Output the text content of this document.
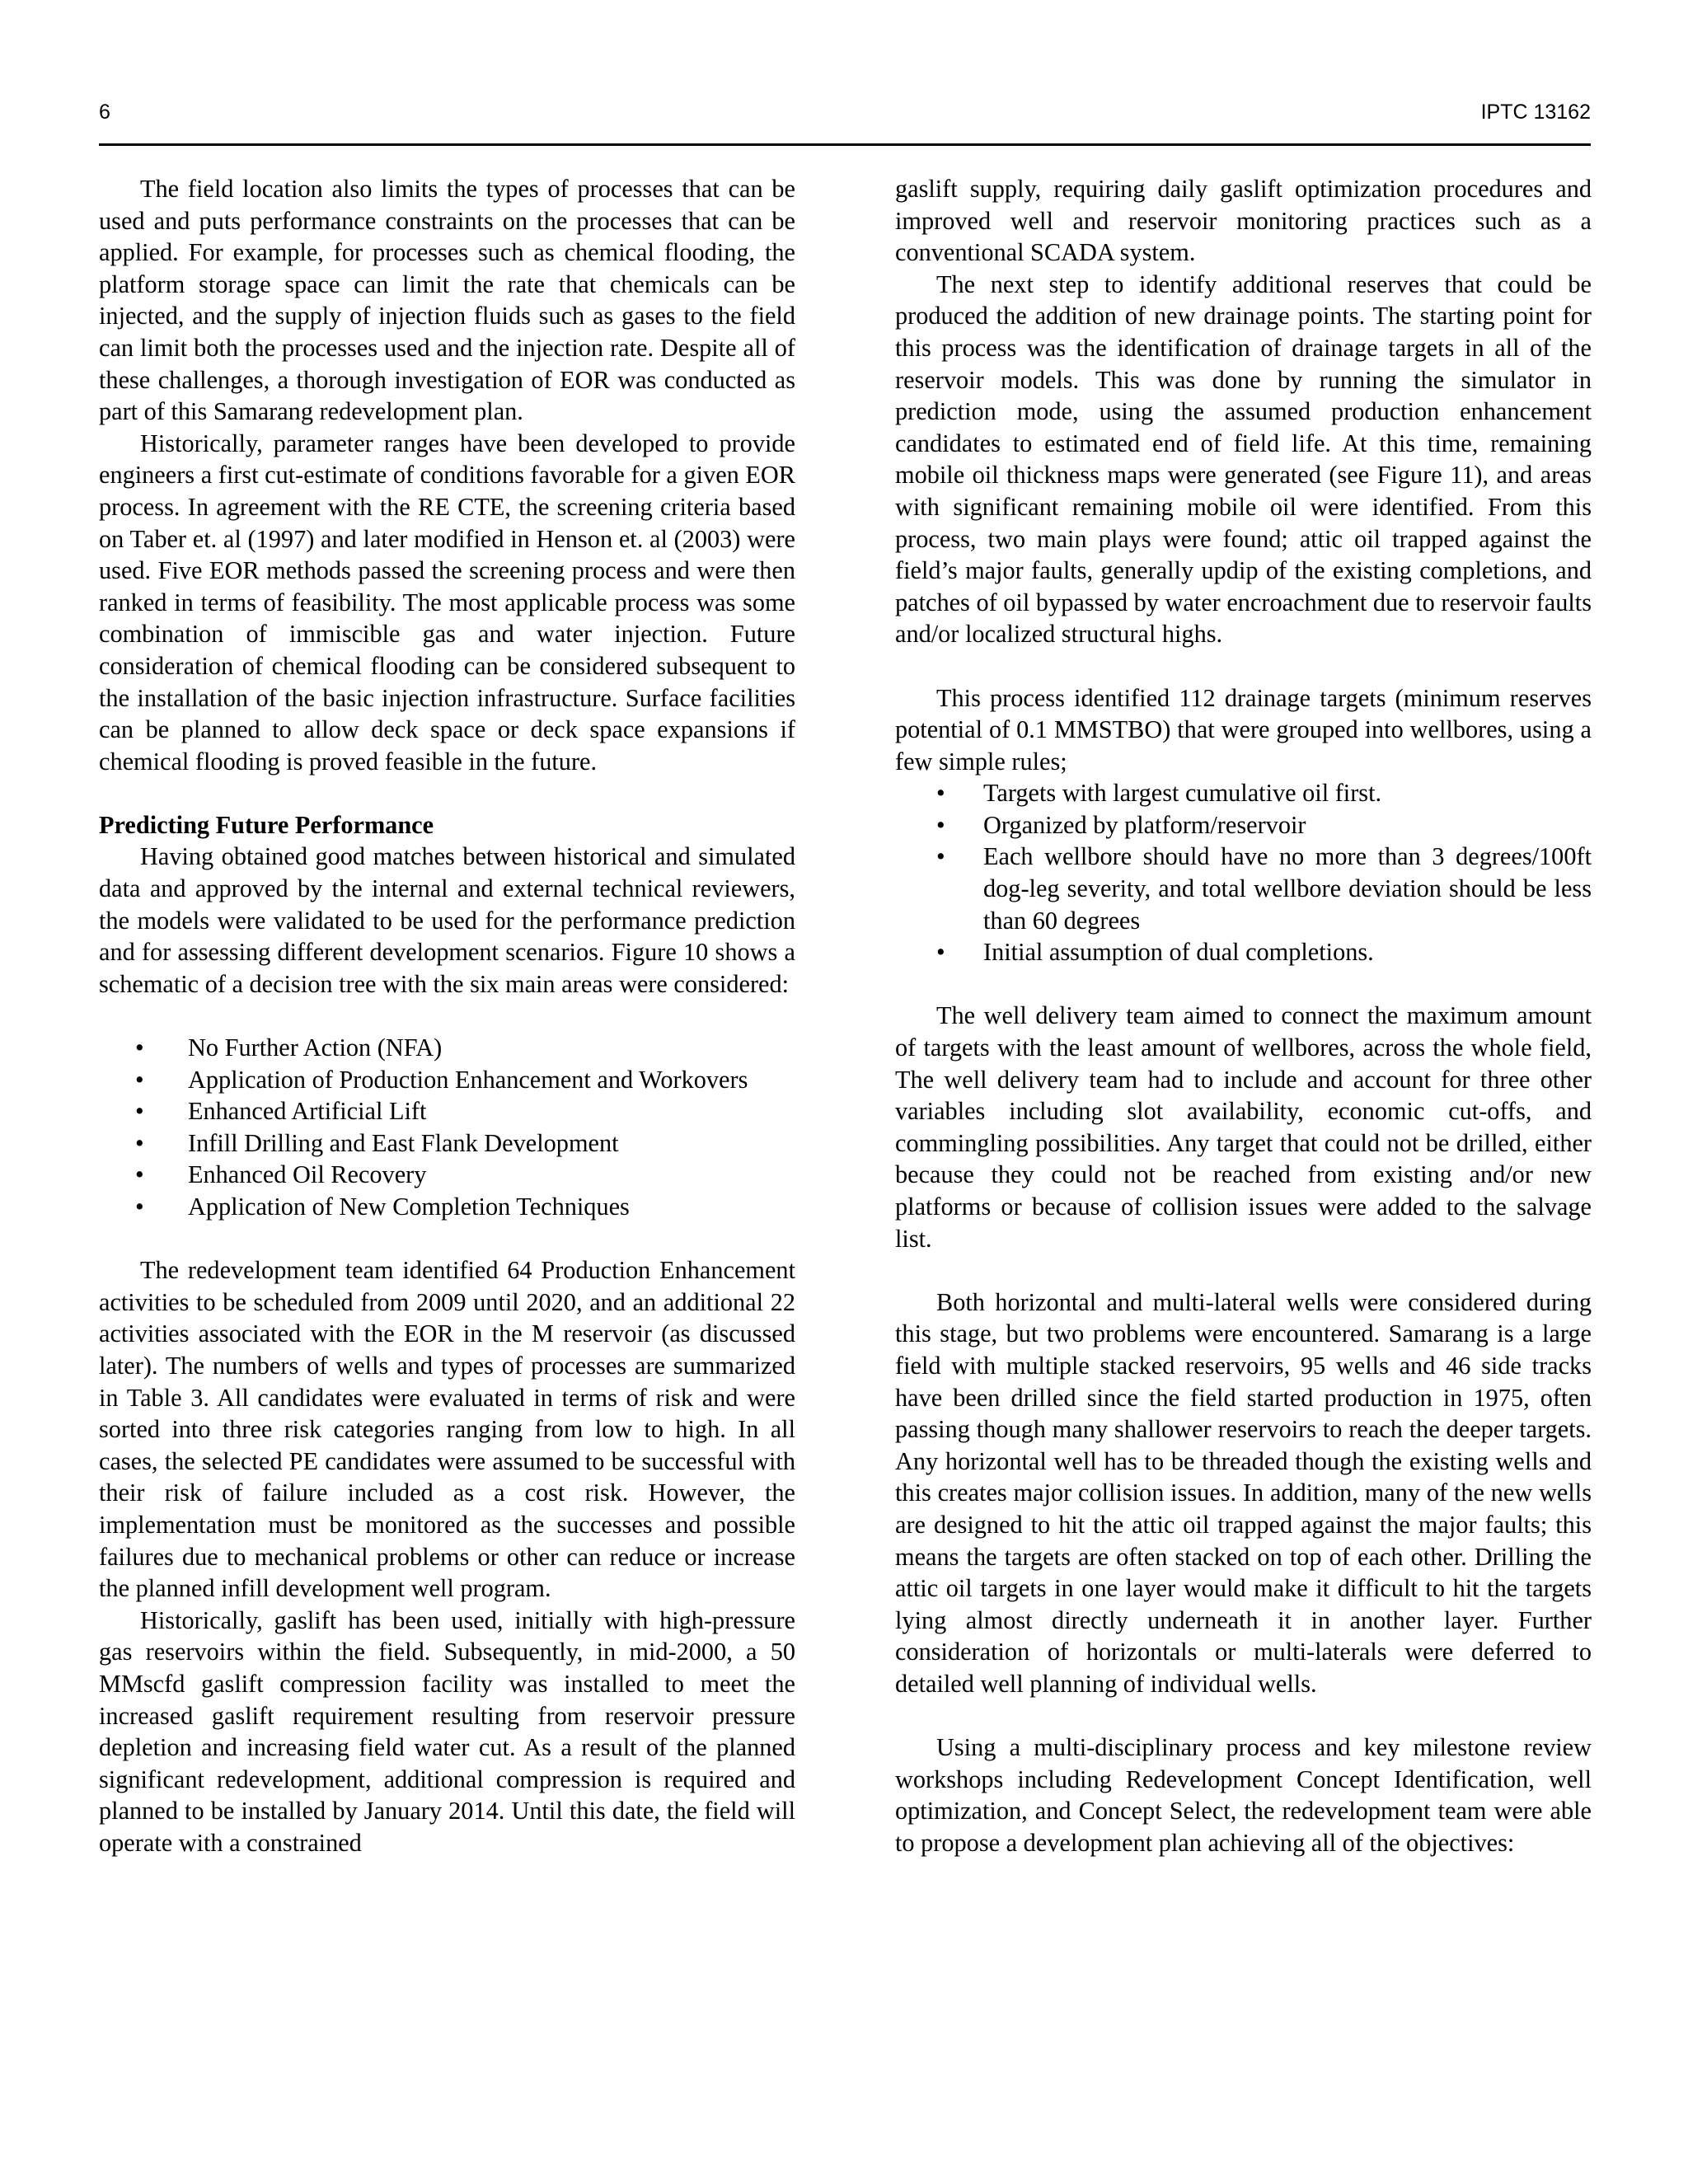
6	IPTC 13162

The field location also limits the types of processes that can be used and puts performance constraints on the processes that can be applied. For example, for processes such as chemical flooding, the platform storage space can limit the rate that chemicals can be injected, and the supply of injection fluids such as gases to the field can limit both the processes used and the injection rate. Despite all of these challenges, a thorough investigation of EOR was conducted as part of this Samarang redevelopment plan.

Historically, parameter ranges have been developed to provide engineers a first cut-estimate of conditions favorable for a given EOR process. In agreement with the RE CTE, the screening criteria based on Taber et. al (1997) and later modified in Henson et. al (2003) were used. Five EOR methods passed the screening process and were then ranked in terms of feasibility. The most applicable process was some combination of immiscible gas and water injection. Future consideration of chemical flooding can be considered subsequent to the installation of the basic injection infrastructure. Surface facilities can be planned to allow deck space or deck space expansions if chemical flooding is proved feasible in the future.

Predicting Future Performance

Having obtained good matches between historical and simulated data and approved by the internal and external technical reviewers, the models were validated to be used for the performance prediction and for assessing different development scenarios. Figure 10 shows a schematic of a decision tree with the six main areas were considered:

• No Further Action (NFA)
• Application of Production Enhancement and Workovers
• Enhanced Artificial Lift
• Infill Drilling and East Flank Development
• Enhanced Oil Recovery
• Application of New Completion Techniques

The redevelopment team identified 64 Production Enhancement activities to be scheduled from 2009 until 2020, and an additional 22 activities associated with the EOR in the M reservoir (as discussed later). The numbers of wells and types of processes are summarized in Table 3. All candidates were evaluated in terms of risk and were sorted into three risk categories ranging from low to high. In all cases, the selected PE candidates were assumed to be successful with their risk of failure included as a cost risk. However, the implementation must be monitored as the successes and possible failures due to mechanical problems or other can reduce or increase the planned infill development well program.

Historically, gaslift has been used, initially with high-pressure gas reservoirs within the field. Subsequently, in mid-2000, a 50 MMscfd gaslift compression facility was installed to meet the increased gaslift requirement resulting from reservoir pressure depletion and increasing field water cut. As a result of the planned significant redevelopment, additional compression is required and planned to be installed by January 2014. Until this date, the field will operate with a constrained

gaslift supply, requiring daily gaslift optimization procedures and improved well and reservoir monitoring practices such as a conventional SCADA system.

The next step to identify additional reserves that could be produced the addition of new drainage points. The starting point for this process was the identification of drainage targets in all of the reservoir models. This was done by running the simulator in prediction mode, using the assumed production enhancement candidates to estimated end of field life. At this time, remaining mobile oil thickness maps were generated (see Figure 11), and areas with significant remaining mobile oil were identified. From this process, two main plays were found; attic oil trapped against the field’s major faults, generally updip of the existing completions, and patches of oil bypassed by water encroachment due to reservoir faults and/or localized structural highs.

This process identified 112 drainage targets (minimum reserves potential of 0.1 MMSTBO) that were grouped into wellbores, using a few simple rules;

• Targets with largest cumulative oil first.
• Organized by platform/reservoir
• Each wellbore should have no more than 3 degrees/100ft dog-leg severity, and total wellbore deviation should be less than 60 degrees
• Initial assumption of dual completions.

The well delivery team aimed to connect the maximum amount of targets with the least amount of wellbores, across the whole field, The well delivery team had to include and account for three other variables including slot availability, economic cut-offs, and commingling possibilities. Any target that could not be drilled, either because they could not be reached from existing and/or new platforms or because of collision issues were added to the salvage list.

Both horizontal and multi-lateral wells were considered during this stage, but two problems were encountered. Samarang is a large field with multiple stacked reservoirs, 95 wells and 46 side tracks have been drilled since the field started production in 1975, often passing though many shallower reservoirs to reach the deeper targets. Any horizontal well has to be threaded though the existing wells and this creates major collision issues. In addition, many of the new wells are designed to hit the attic oil trapped against the major faults; this means the targets are often stacked on top of each other. Drilling the attic oil targets in one layer would make it difficult to hit the targets lying almost directly underneath it in another layer. Further consideration of horizontals or multi-laterals were deferred to detailed well planning of individual wells.

Using a multi-disciplinary process and key milestone review workshops including Redevelopment Concept Identification, well optimization, and Concept Select, the redevelopment team were able to propose a development plan achieving all of the objectives:
